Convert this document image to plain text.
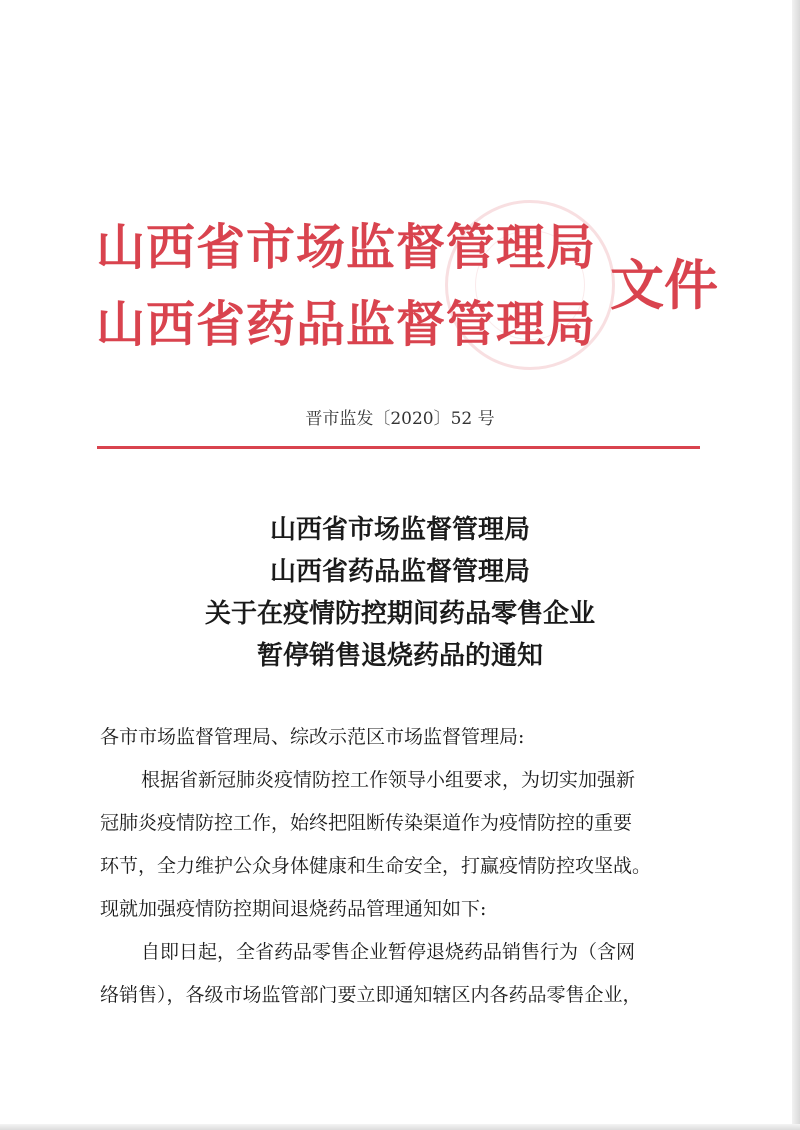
山西省市场监督管理局
山西省药品监督管理局
文件
晋市监发〔2020〕52 号
山西省市场监督管理局
山西省药品监督管理局
关于在疫情防控期间药品零售企业
暂停销售退烧药品的通知
各市市场监督管理局、综改示范区市场监督管理局:
根据省新冠肺炎疫情防控工作领导小组要求，为切实加强新
冠肺炎疫情防控工作，始终把阻断传染渠道作为疫情防控的重要
环节，全力维护公众身体健康和生命安全，打赢疫情防控攻坚战。
现就加强疫情防控期间退烧药品管理通知如下:
自即日起，全省药品零售企业暂停退烧药品销售行为（含网
络销售），各级市场监管部门要立即通知辖区内各药品零售企业，
